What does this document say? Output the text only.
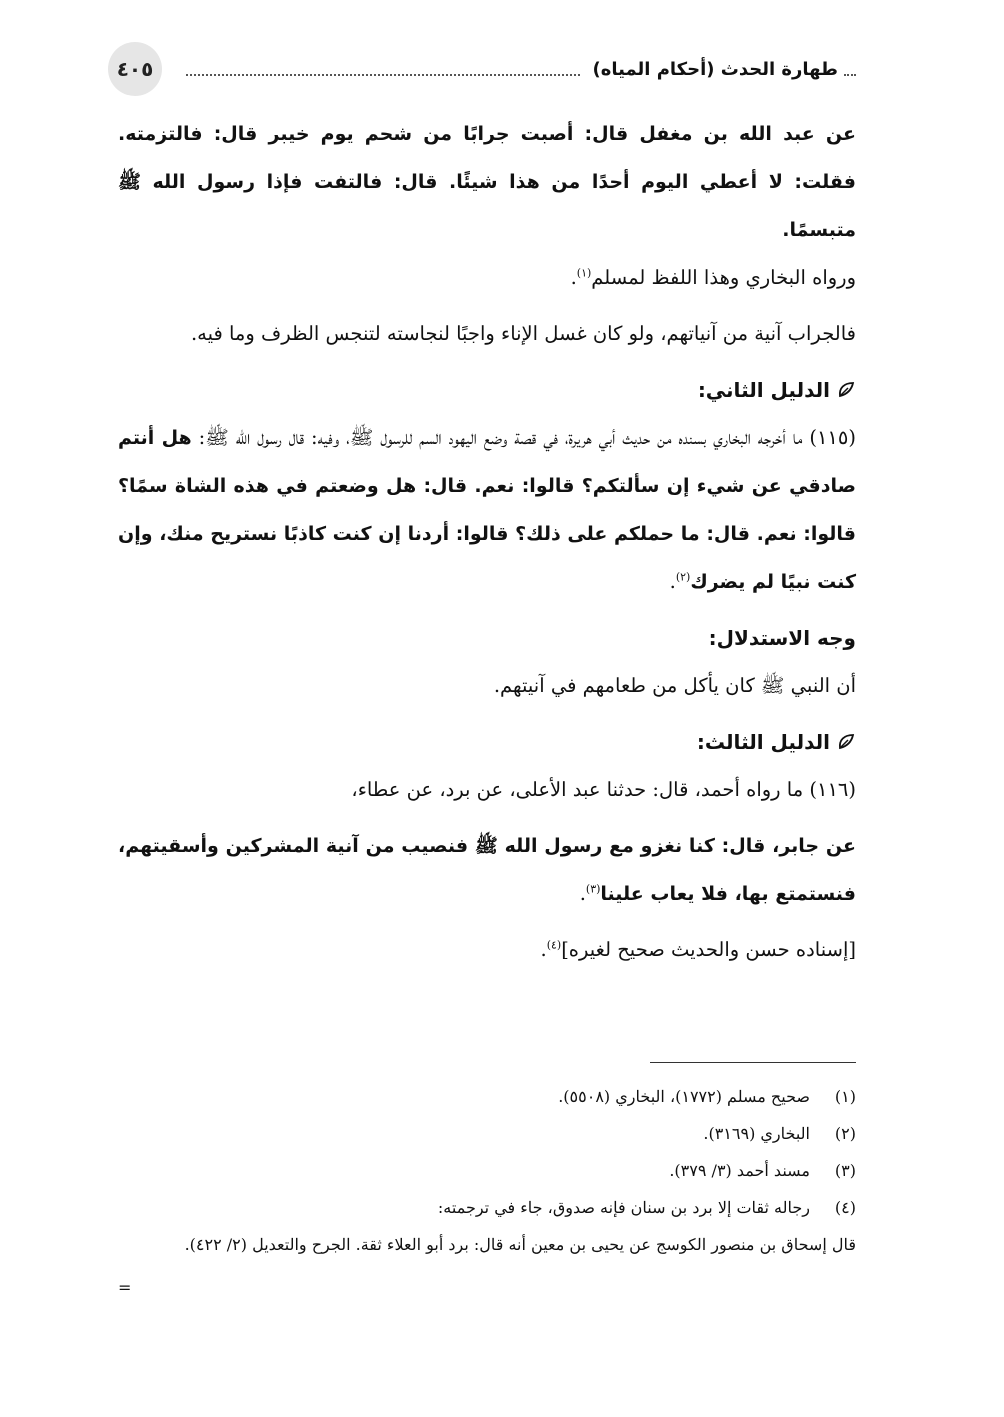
٤٠٥	طهارة الحدث (أحكام المياه)

عن عبد الله بن مغفل قال: أصبت جرابًا من شحم يوم خيبر قال: فالتزمته. فقلت: لا أعطي اليوم أحدًا من هذا شيئًا. قال: فالتفت فإذا رسول الله ﷺ متبسمًا.
ورواه البخاري وهذا اللفظ لمسلم$^{(١)}$.

فالجراب آنية من آنياتهم، ولو كان غسل الإناء واجبًا لنجاسته لتنجس الظرف وما فيه.

الدليل الثاني:

(١١٥) ما أخرجه البخاري بسنده من حديث أبي هريرة، في قصة وضع اليهود السم للرسول ﷺ، وفيه: قال رسول الله ﷺ: هل أنتم صادقي عن شيء إن سألتكم؟ قالوا: نعم. قال: هل وضعتم في هذه الشاة سمًا؟ قالوا: نعم. قال: ما حملكم على ذلك؟ قالوا: أردنا إن كنت كاذبًا نستريح منك، وإن كنت نبيًا لم يضرك$^{(٢)}$.

وجه الاستدلال:

أن النبي ﷺ كان يأكل من طعامهم في آنيتهم.

الدليل الثالث:

(١١٦) ما رواه أحمد، قال: حدثنا عبد الأعلى، عن برد، عن عطاء،

عن جابر، قال: كنا نغزو مع رسول الله ﷺ فنصيب من آنية المشركين وأسقيتهم، فنستمتع بها، فلا يعاب علينا$^{(٣)}$.

[إسناده حسن والحديث صحيح لغيره]$^{(٤)}$.

(١)
صحيح مسلم (١٧٧٢)، البخاري (٥٥٠٨).
(٢)
البخاري (٣١٦٩).
(٣)
مسند أحمد (٣/ ٣٧٩).
(٤)
رجاله ثقات إلا برد بن سنان فإنه صدوق، جاء في ترجمته:

قال إسحاق بن منصور الكوسج عن يحيى بن معين أنه قال: برد أبو العلاء ثقة. الجرح والتعديل (٢/ ٤٢٢).

=
